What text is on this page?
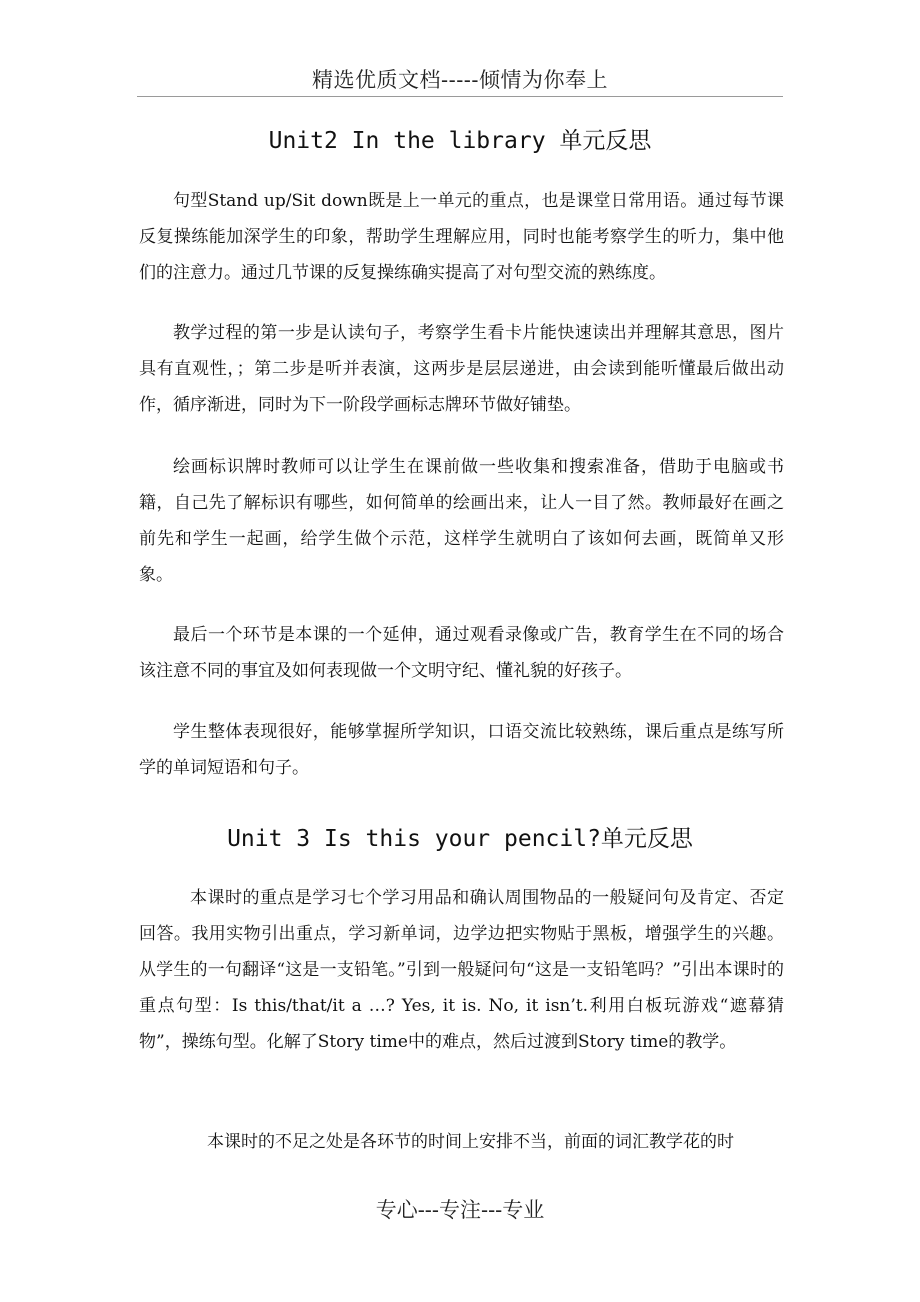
精选优质文档-----倾情为你奉上
Unit2 In the library 单元反思

句型Stand up/Sit down既是上一单元的重点，也是课堂日常用语。通过每节课反复操练能加深学生的印象，帮助学生理解应用，同时也能考察学生的听力，集中他们的注意力。通过几节课的反复操练确实提高了对句型交流的熟练度。

教学过程的第一步是认读句子，考察学生看卡片能快速读出并理解其意思，图片具有直观性，；第二步是听并表演，这两步是层层递进，由会读到能听懂最后做出动作，循序渐进，同时为下一阶段学画标志牌环节做好铺垫。

绘画标识牌时教师可以让学生在课前做一些收集和搜索准备，借助于电脑或书籍，自己先了解标识有哪些，如何简单的绘画出来，让人一目了然。教师最好在画之前先和学生一起画，给学生做个示范，这样学生就明白了该如何去画，既简单又形象。

最后一个环节是本课的一个延伸，通过观看录像或广告，教育学生在不同的场合该注意不同的事宜及如何表现做一个文明守纪、懂礼貌的好孩子。

学生整体表现很好，能够掌握所学知识，口语交流比较熟练，课后重点是练写所学的单词短语和句子。

Unit 3 Is this your pencil?单元反思

本课时的重点是学习七个学习用品和确认周围物品的一般疑问句及肯定、否定回答。我用实物引出重点，学习新单词，边学边把实物贴于黑板，增强学生的兴趣。从学生的一句翻译“这是一支铅笔。”引到一般疑问句“这是一支铅笔吗？”引出本课时的重点句型：Is this/that/it a …? Yes, it is. No, it isn’t.利用白板玩游戏“遮幕猜物”，操练句型。化解了Story time中的难点，然后过渡到Story time的教学。

本课时的不足之处是各环节的时间上安排不当，前面的词汇教学花的时

专心---专注---专业
